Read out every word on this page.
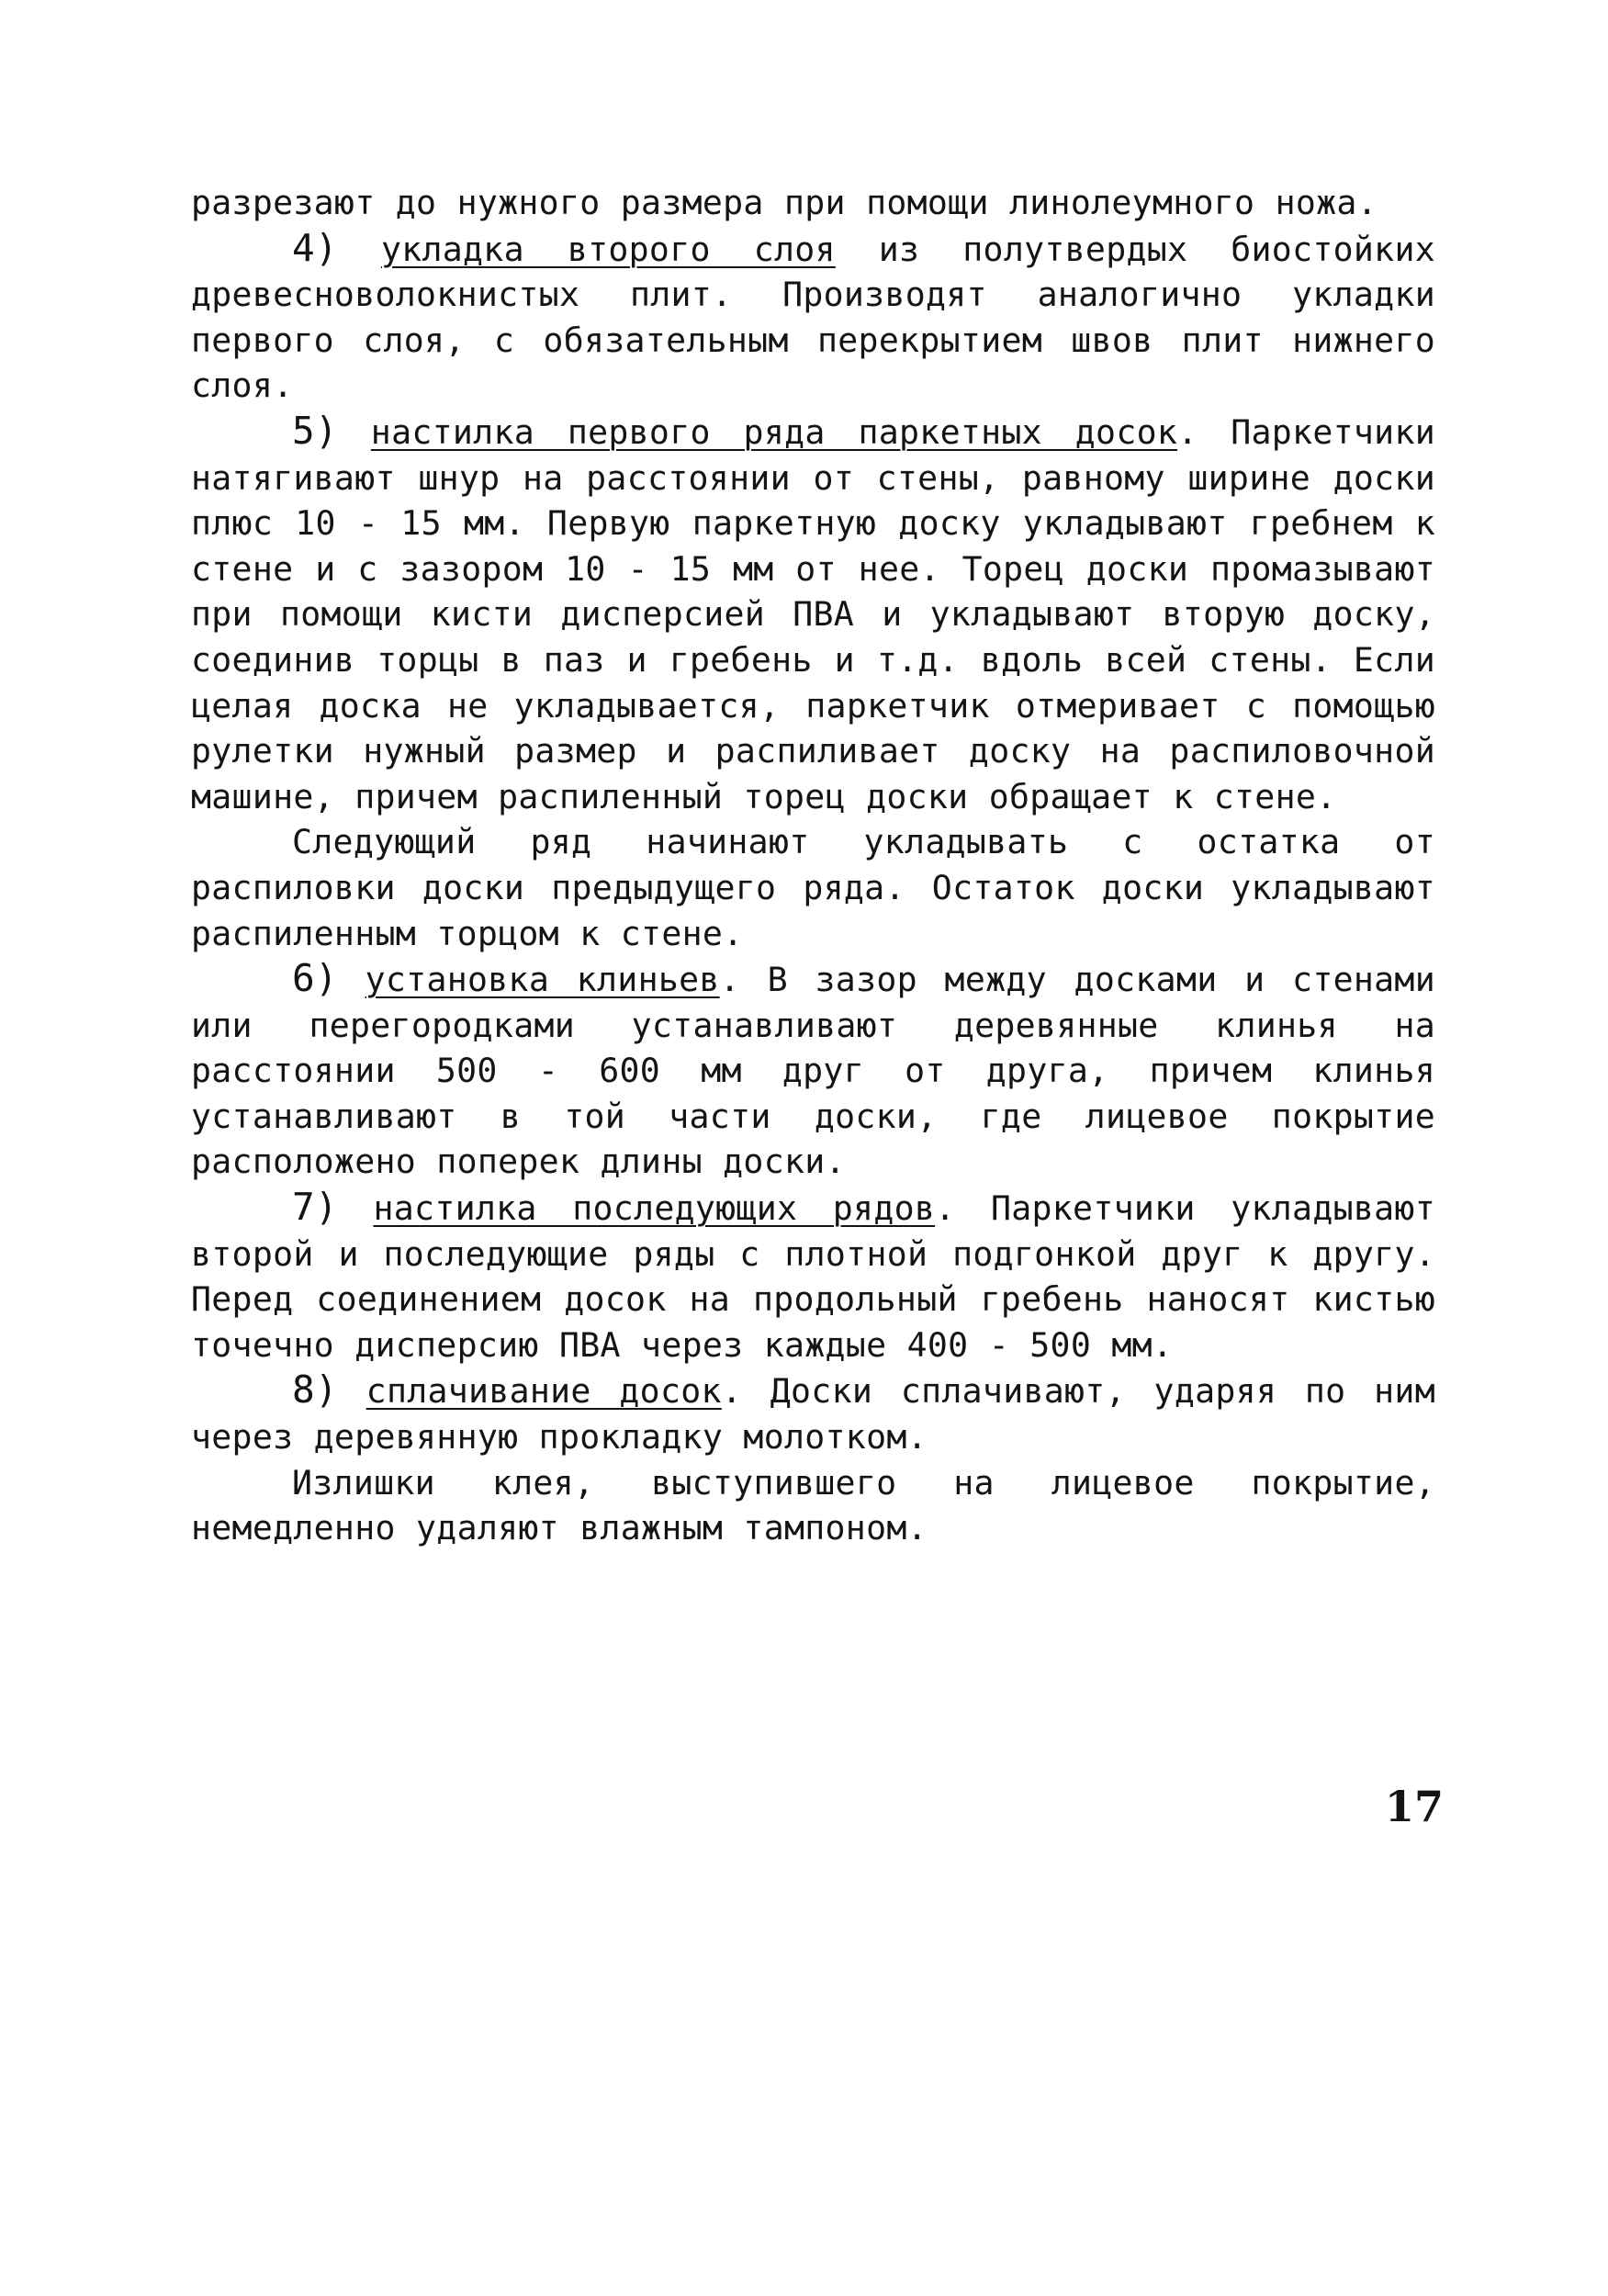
разрезают до нужного размера при помощи линолеумного ножа.

4) укладка второго слоя из полутвердых биостойких древесноволокнистых плит. Производят аналогично укладки первого слоя, с обязательным перекрытием швов плит нижнего слоя.

5) настилка первого ряда паркетных досок. Паркетчики натягивают шнур на расстоянии от стены, равному ширине доски плюс 10 - 15 мм. Первую паркетную доску укладывают гребнем к стене и с зазором 10 - 15 мм от нее. Торец доски промазывают при помощи кисти дисперсией ПВА и укладывают вторую доску, соединив торцы в паз и гребень и т.д. вдоль всей стены. Если целая доска не укладывается, паркетчик отмеривает с помощью рулетки нужный размер и распиливает доску на распиловочной машине, причем распиленный торец доски обращает к стене.

Следующий ряд начинают укладывать с остатка от распиловки доски предыдущего ряда. Остаток доски укладывают распиленным торцом к стене.

6) установка клиньев. В зазор между досками и стенами или перегородками устанавливают деревянные клинья на расстоянии 500 - 600 мм друг от друга, причем клинья устанавливают в той части доски, где лицевое покрытие расположено поперек длины доски.

7) настилка последующих рядов. Паркетчики укладывают второй и последующие ряды с плотной подгонкой друг к другу. Перед соединением досок на продольный гребень наносят кистью точечно дисперсию ПВА через каждые 400 - 500 мм.

8) сплачивание досок. Доски сплачивают, ударяя по ним через деревянную прокладку молотком.

Излишки клея, выступившего на лицевое покрытие, немедленно удаляют влажным тампоном.

17
